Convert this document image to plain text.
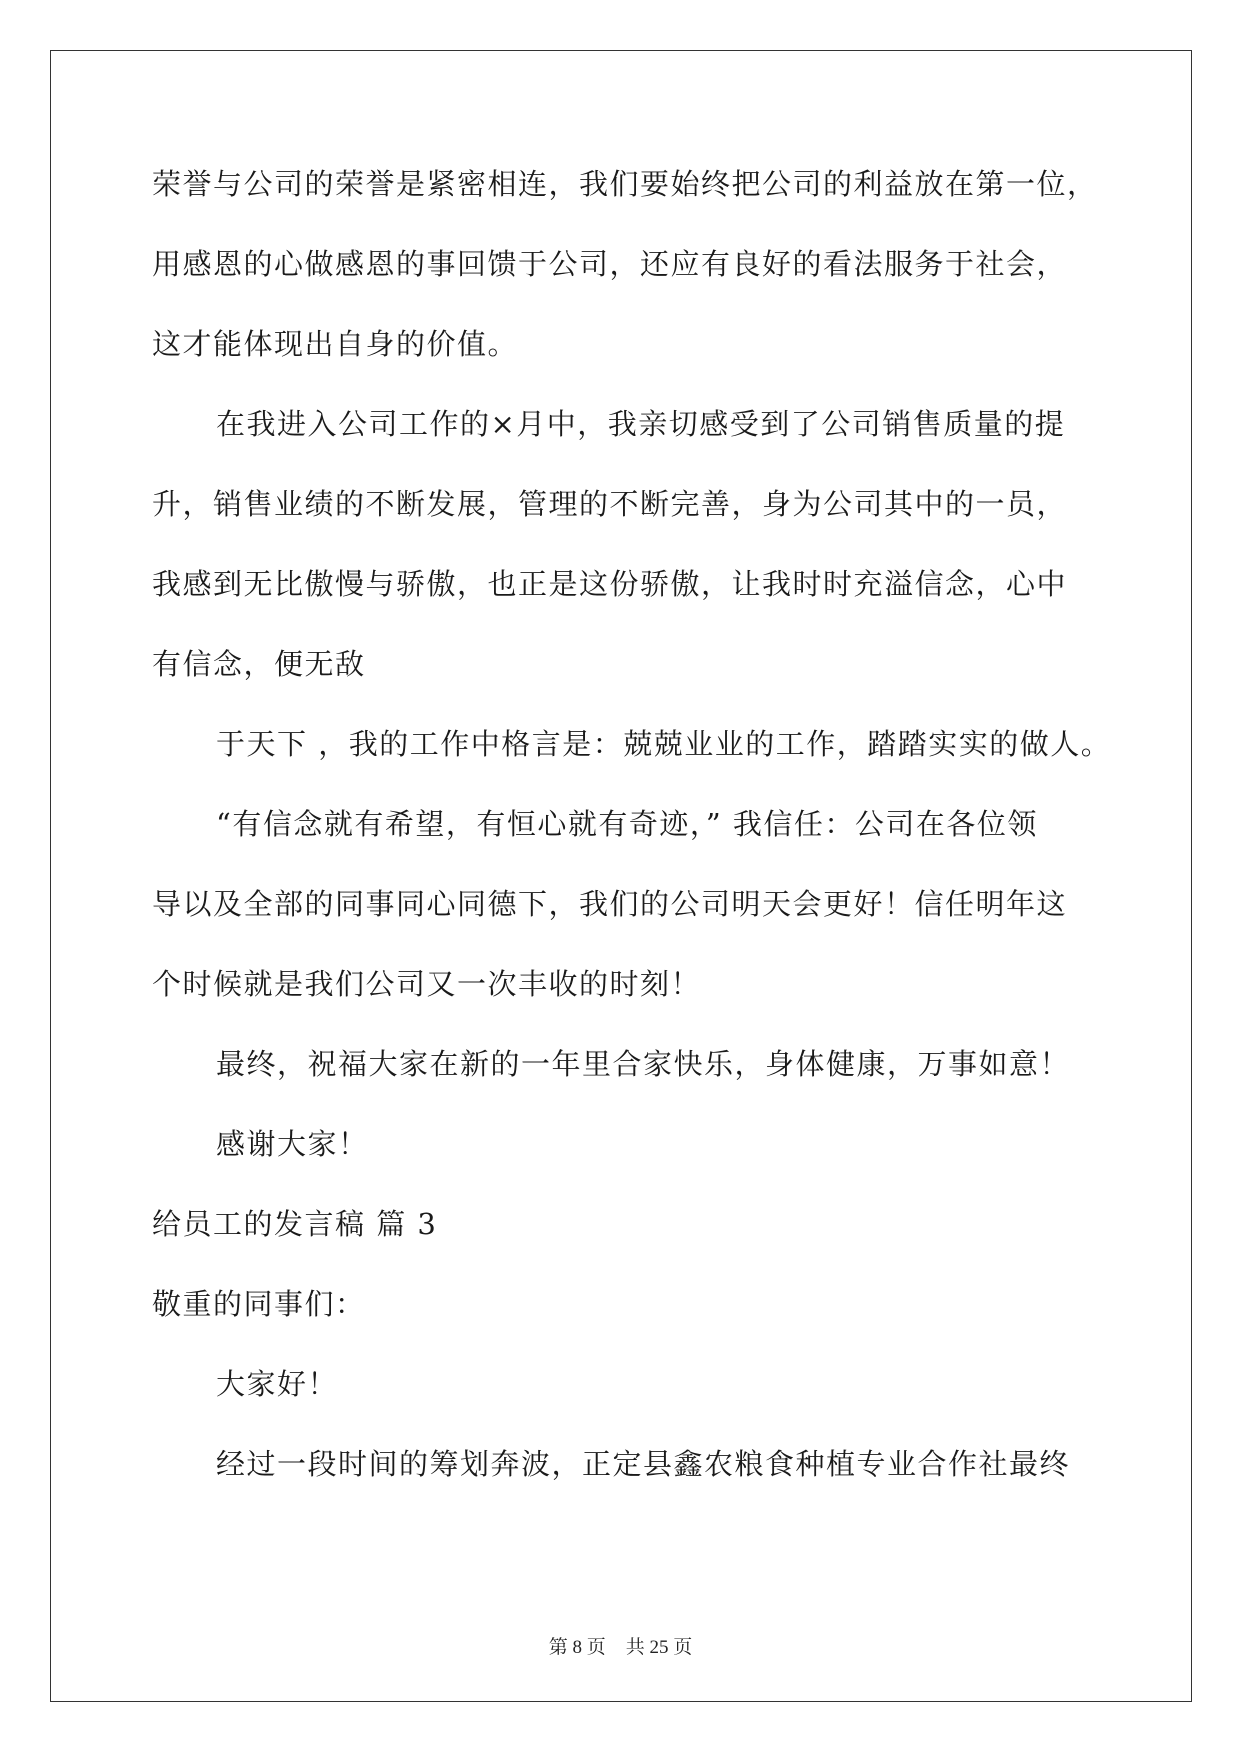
荣誉与公司的荣誉是紧密相连，我们要始终把公司的利益放在第一位，
用感恩的心做感恩的事回馈于公司，还应有良好的看法服务于社会，
这才能体现出自身的价值。
在我进入公司工作的×月中，我亲切感受到了公司销售质量的提
升，销售业绩的不断发展，管理的不断完善，身为公司其中的一员，
我感到无比傲慢与骄傲，也正是这份骄傲，让我时时充溢信念，心中
有信念，便无敌
于天下 ，我的工作中格言是：兢兢业业的工作，踏踏实实的做人。
“有信念就有希望，有恒心就有奇迹，” 我信任：公司在各位领
导以及全部的同事同心同德下，我们的公司明天会更好！信任明年这
个时候就是我们公司又一次丰收的时刻！
最终，祝福大家在新的一年里合家快乐，身体健康，万事如意！
感谢大家！
给员工的发言稿 篇 3
敬重的同事们：
大家好！
经过一段时间的筹划奔波，正定县鑫农粮食种植专业合作社最终
第 8 页 共 25 页
